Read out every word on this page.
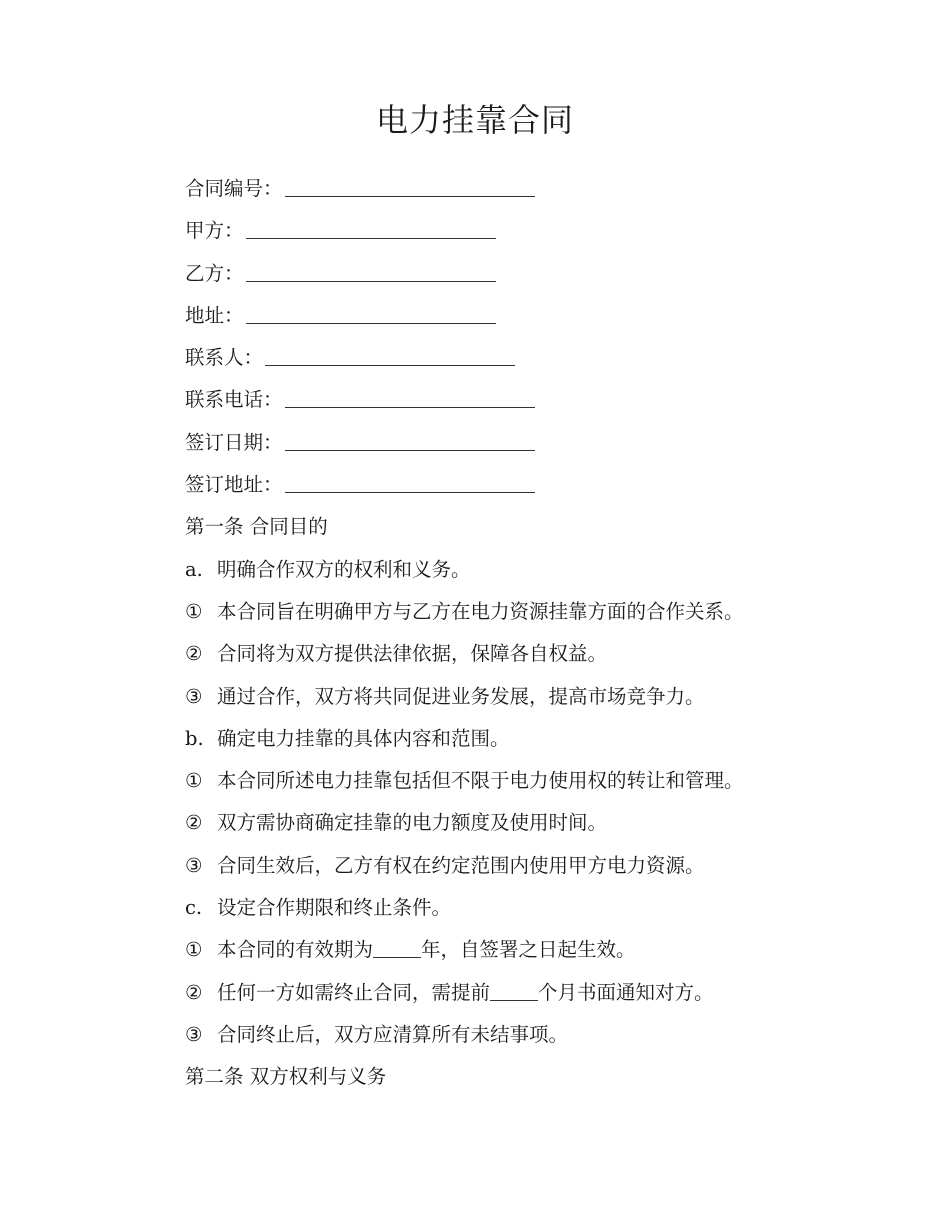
电力挂靠合同
合同编号：
甲方：
乙方：
地址：
联系人：
联系电话：
签订日期：
签订地址：
第一条 合同目的
a. 明确合作双方的权利和义务。
① 本合同旨在明确甲方与乙方在电力资源挂靠方面的合作关系。
② 合同将为双方提供法律依据，保障各自权益。
③ 通过合作，双方将共同促进业务发展，提高市场竞争力。
b. 确定电力挂靠的具体内容和范围。
① 本合同所述电力挂靠包括但不限于电力使用权的转让和管理。
② 双方需协商确定挂靠的电力额度及使用时间。
③ 合同生效后，乙方有权在约定范围内使用甲方电力资源。
c. 设定合作期限和终止条件。
① 本合同的有效期为 年，自签署之日起生效。
② 任何一方如需终止合同，需提前 个月书面通知对方。
③ 合同终止后，双方应清算所有未结事项。
第二条 双方权利与义务
